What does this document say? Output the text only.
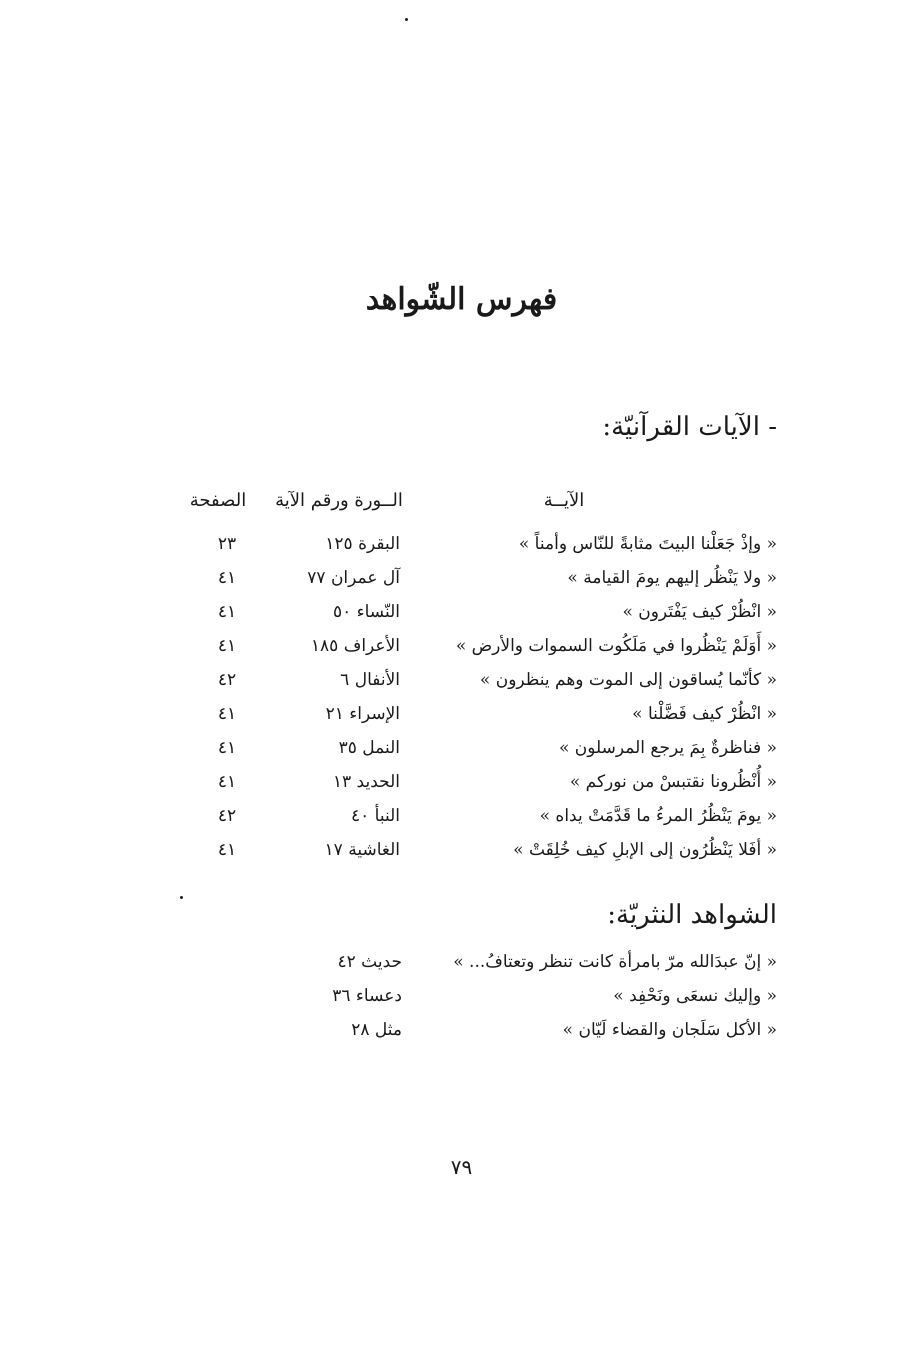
فهرس الشّواهد
- الآيات القرآنيّة:
الآيــة
الــورة ورقم الآية
الصفحة
« وإذْ جَعَلْنا البيتَ مثابةً للنّاس وأمناً »
البقرة ١٢٥
٢٣
« ولا يَنْظُر إليهم يومَ القيامة »
آل عمران ٧٧
٤١
« انْظُرْ كيف يَفْتَرون »
النّساء ٥٠
٤١
« أَوَلَمْ يَنْظُروا في مَلَكُوت السموات والأرض »
الأعراف ١٨٥
٤١
« كأنّما يُساقون إلى الموت وهم ينظرون »
الأنفال ٦
٤٢
« انْظُرْ كيف فَضَّلْنا »
الإسراء ٢١
٤١
« فناظرةٌ بِمَ يرجع المرسلون »
النمل ٣٥
٤١
« أُنْظُرونا نقتبسْ من نوركم »
الحديد ١٣
٤١
« يومَ يَنْظُرُ المرءُ ما قَدَّمَتْ يداه »
النبأ ٤٠
٤٢
« أفَلا يَنْظُرُون إلى الإبلِ كيف خُلِقَتْ »
الغاشية ١٧
٤١
الشواهد النثريّة:
« إنّ عبدَالله مرّ بامرأة كانت تنظر وتعتافُ... »
حديث ٤٢
« وإليك نسعَى ونَحْفِد »
دعساء ٣٦
« الأكل سَلَجان والقضاء لَيّان »
مثل ٢٨
٧٩
